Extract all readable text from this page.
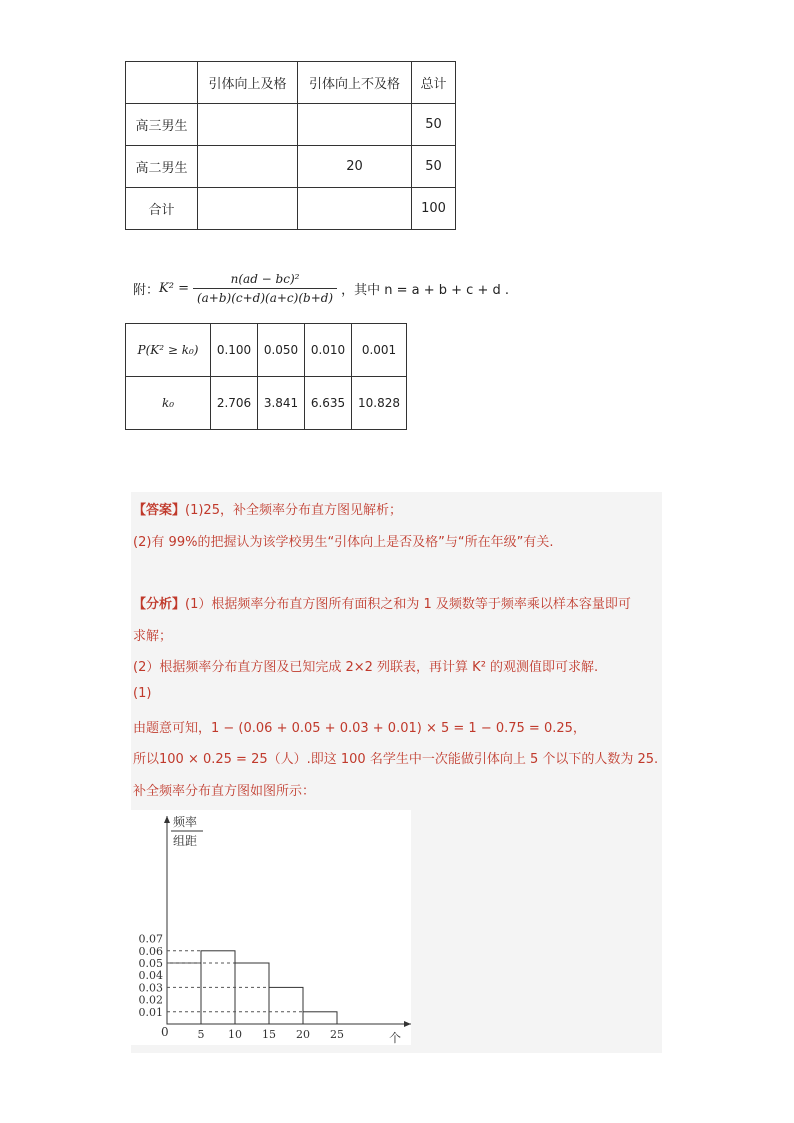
	引体向上及格	引体向上不及格	总计
高三男生			50
高二男生		20	50
合计			100
附： $K^2 = \frac{\text{n(ad − bc)²}}{(a+b)(c+d)(a+c)(b+d)}$ ，其中 n = a + b + c + d .
P(K² ≥ k₀)	0.100	0.050	0.010	0.001
k₀	2.706	3.841	6.635	10.828
【答案】(1)25，补全频率分布直方图见解析；
(2)有 99%的把握认为该学校男生“引体向上是否及格”与“所在年级”有关.
【分析】(1）根据频率分布直方图所有面积之和为 1 及频数等于频率乘以样本容量即可
求解；
(2）根据频率分布直方图及已知完成 2×2 列联表，再计算 K² 的观测值即可求解.
(1)
由题意可知，1 − (0.06 + 0.05 + 0.03 + 0.01) × 5 = 1 − 0.75 = 0.25，
所以100 × 0.25 = 25（人）.即这 100 名学生中一次能做引体向上 5 个以下的人数为 25.
补全频率分布直方图如图所示：
频率
组距
个
0
0.01
0.02
0.03
0.04
0.05
0.06
0.07
5 10 15 20 25
